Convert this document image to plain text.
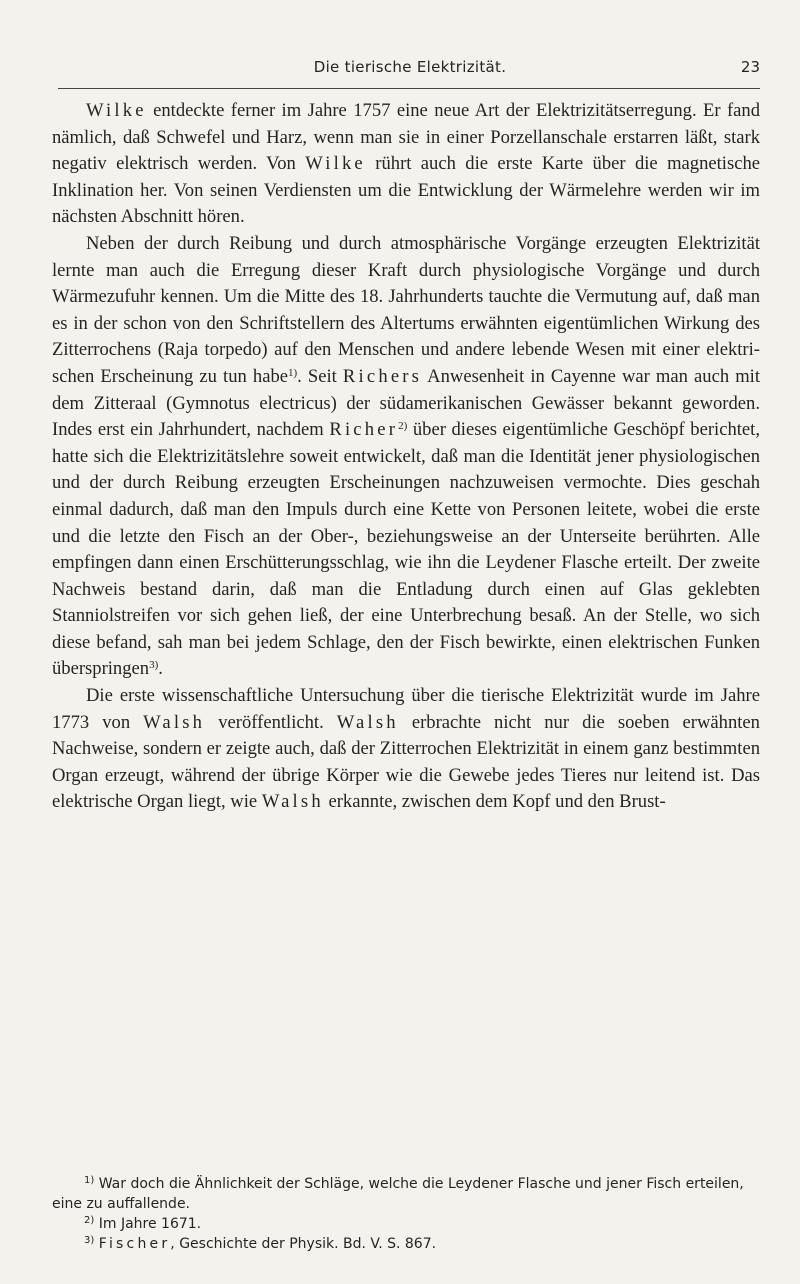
Die tierische Elektrizität.	23

Wilke entdeckte ferner im Jahre 1757 eine neue Art der Elektrizitätserregung. Er fand nämlich, daß Schwefel und Harz, wenn man sie in einer Porzellanschale erstarren läßt, stark negativ elektrisch werden. Von Wilke rührt auch die erste Karte über die magnetische Inklination her. Von seinen Verdiensten um die Entwicklung der Wärmelehre werden wir im nächsten Abschnitt hören.

Neben der durch Reibung und durch atmosphärische Vorgänge erzeugten Elektrizität lernte man auch die Erregung dieser Kraft durch physiologische Vorgänge und durch Wärmezufuhr kennen. Um die Mitte des 18. Jahrhunderts tauchte die Vermutung auf, daß man es in der schon von den Schriftstellern des Altertums erwähnten eigentümlichen Wirkung des Zitterrochens (Raja torpedo) auf den Menschen und andere lebende Wesen mit einer elektrischen Erscheinung zu tun habe$^{1)}$. Seit Richers Anwesenheit in Cayenne war man auch mit dem Zitteraal (Gymnotus electricus) der südamerikanischen Gewässer bekannt geworden. Indes erst ein Jahrhundert, nachdem Richer$^{2)}$ über dieses eigentümliche Geschöpf berichtet, hatte sich die Elektrizitätslehre soweit entwickelt, daß man die Identität jener physiologischen und der durch Reibung erzeugten Erscheinungen nachzuweisen vermochte. Dies geschah einmal dadurch, daß man den Impuls durch eine Kette von Personen leitete, wobei die erste und die letzte den Fisch an der Ober-, beziehungsweise an der Unterseite berührten. Alle empfingen dann einen Erschütterungsschlag, wie ihn die Leydener Flasche erteilt. Der zweite Nachweis bestand darin, daß man die Entladung durch einen auf Glas geklebten Stanniolstreifen vor sich gehen ließ, der eine Unterbrechung besaß. An der Stelle, wo sich diese befand, sah man bei jedem Schlage, den der Fisch bewirkte, einen elektrischen Funken überspringen$^{3)}$.

Die erste wissenschaftliche Untersuchung über die tierische Elektrizität wurde im Jahre 1773 von Walsh veröffentlicht. Walsh erbrachte nicht nur die soeben erwähnten Nachweise, sondern er zeigte auch, daß der Zitterrochen Elektrizität in einem ganz bestimmten Organ erzeugt, während der übrige Körper wie die Gewebe jedes Tieres nur leitend ist. Das elektrische Organ liegt, wie Walsh erkannte, zwischen dem Kopf und den Brust-

$^{1)}$ War doch die Ähnlichkeit der Schläge, welche die Leydener Flasche und jener Fisch erteilen, eine zu auffallende.

$^{2)}$ Im Jahre 1671.

$^{3)}$ Fischer, Geschichte der Physik. Bd. V. S. 867.
